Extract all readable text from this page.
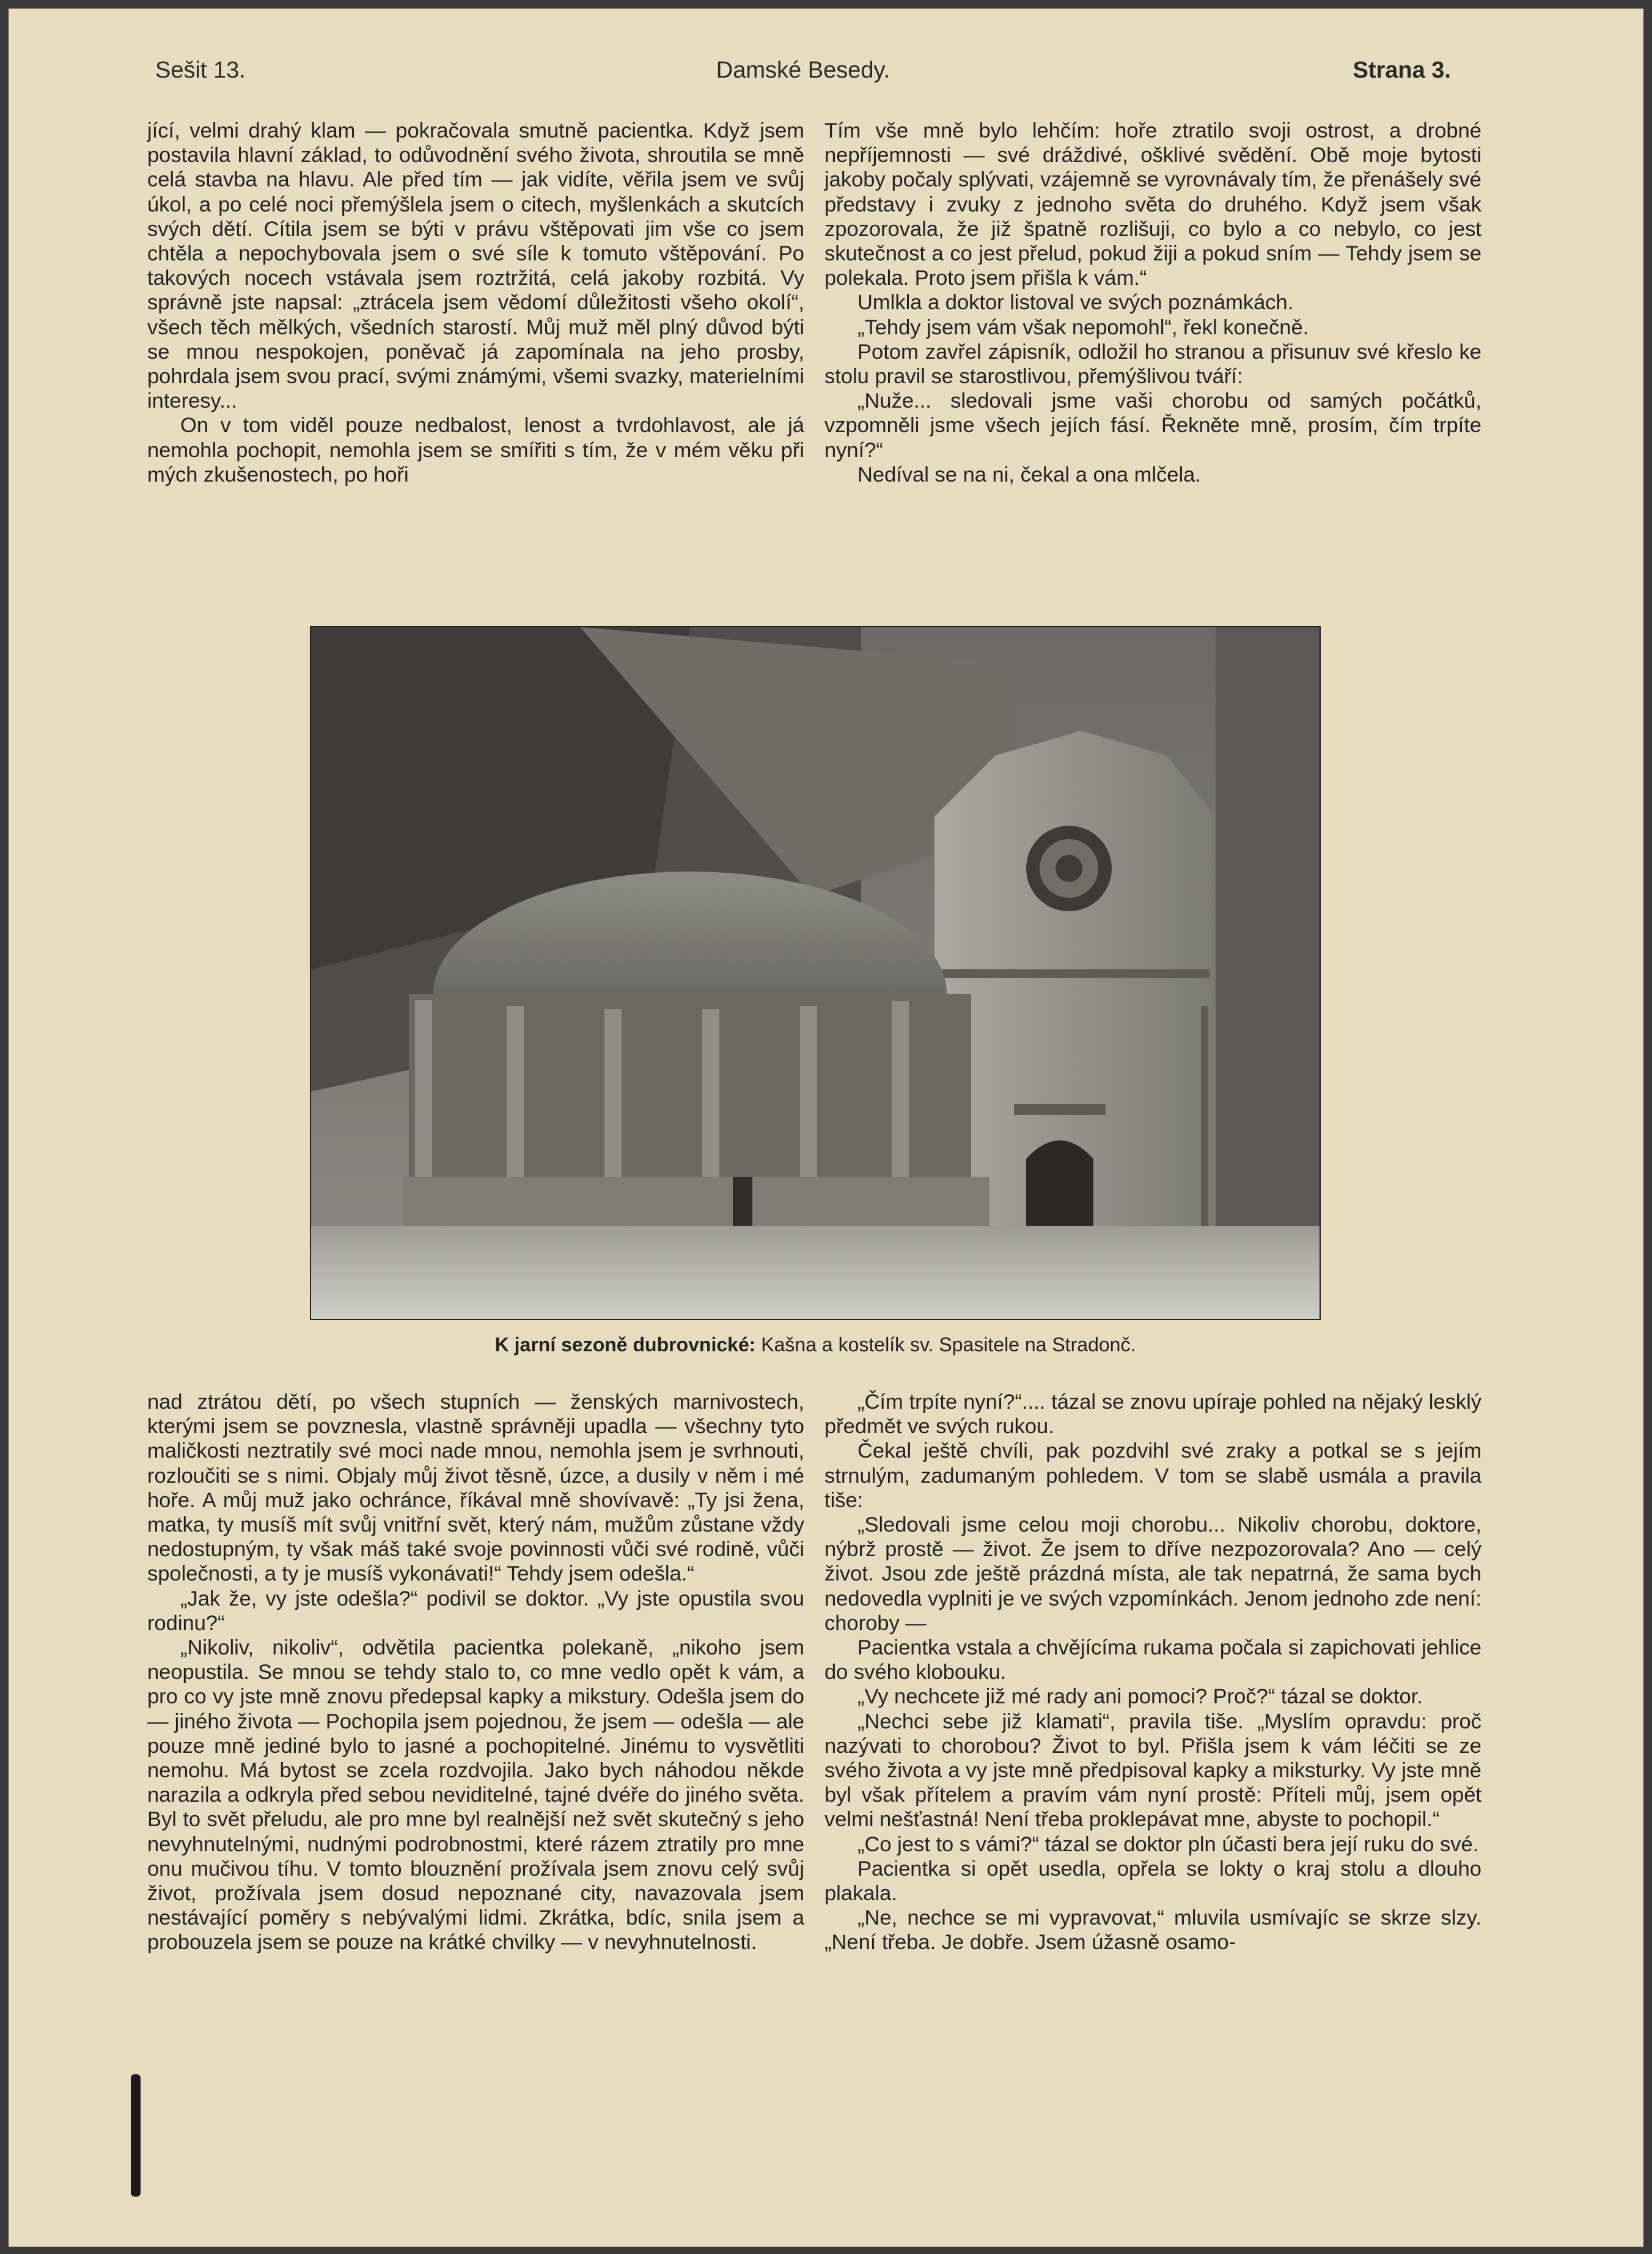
Sešit 13.	Damské Besedy.	Strana 3.

jící, velmi drahý klam — pokračovala smutně pacientka. Když jsem postavila hlavní základ, to odůvodnění svého života, shroutila se mně celá stavba na hlavu. Ale před tím — jak vidíte, věřila jsem ve svůj úkol, a po celé noci přemýšlela jsem o citech, myšlenkách a skutcích svých dětí. Cítila jsem se býti v právu vštěpovati jim vše co jsem chtěla a nepochybovala jsem o své síle k tomuto vštěpování. Po takových nocech vstávala jsem roztržitá, celá jakoby rozbitá. Vy správně jste napsal: „ztrácela jsem vědomí důležitosti všeho okolí“, všech těch mělkých, všedních starostí. Můj muž měl plný důvod býti se mnou nespokojen, poněvač já zapomínala na jeho prosby, pohrdala jsem svou prací, svými známými, všemi svazky, materielními interesy...

On v tom viděl pouze nedbalost, lenost a tvrdohlavost, ale já nemohla pochopit, nemohla jsem se smířiti s tím, že v mém věku při mých zkušenostech, po hoři

Tím vše mně bylo lehčím: hoře ztratilo svoji ostrost, a drobné nepříjemnosti — své dráždivé, ošklivé svědění. Obě moje bytosti jakoby počaly splývati, vzájemně se vyrovnávaly tím, že přenášely své představy i zvuky z jednoho světa do druhého. Když jsem však zpozorovala, že již špatně rozlišuji, co bylo a co nebylo, co jest skutečnost a co jest přelud, pokud žiji a pokud sním — Tehdy jsem se polekala. Proto jsem přišla k vám.“

Umlkla a doktor listoval ve svých poznámkách.

„Tehdy jsem vám však nepomohl“, řekl konečně.

Potom zavřel zápisník, odložil ho stranou a přisunuv své křeslo ke stolu pravil se starostlivou, přemýšlivou tváří:

„Nuže... sledovali jsme vaši chorobu od samých počátků, vzpomněli jsme všech jejích fásí. Řekněte mně, prosím, čím trpíte nyní?“

Nedíval se na ni, čekal a ona mlčela.

K jarní sezoně dubrovnické: Kašna a kostelík sv. Spasitele na Stradonč.

nad ztrátou dětí, po všech stupních — ženských marnivostech, kterými jsem se povznesla, vlastně správněji upadla — všechny tyto maličkosti neztratily své moci nade mnou, nemohla jsem je svrhnouti, rozloučiti se s nimi. Objaly můj život těsně, úzce, a dusily v něm i mé hoře. A můj muž jako ochránce, říkával mně shovívavě: „Ty jsi žena, matka, ty musíš mít svůj vnitřní svět, který nám, mužům zůstane vždy nedostupným, ty však máš také svoje povinnosti vůči své rodině, vůči společnosti, a ty je musíš vykonávati!“ Tehdy jsem odešla.“

„Jak že, vy jste odešla?“ podivil se doktor. „Vy jste opustila svou rodinu?“

„Nikoliv, nikoliv“, odvětila pacientka polekaně, „nikoho jsem neopustila. Se mnou se tehdy stalo to, co mne vedlo opět k vám, a pro co vy jste mně znovu předepsal kapky a mikstury. Odešla jsem do — jiného života — Pochopila jsem pojednou, že jsem — odešla — ale pouze mně jediné bylo to jasné a pochopitelné. Jinému to vysvětliti nemohu. Má bytost se zcela rozdvojila. Jako bych náhodou někde narazila a odkryla před sebou neviditelné, tajné dvéře do jiného světa. Byl to svět přeludu, ale pro mne byl realnější než svět skutečný s jeho nevyhnutelnými, nudnými podrobnostmi, které rázem ztratily pro mne onu mučivou tíhu. V tomto blouznění prožívala jsem znovu celý svůj život, prožívala jsem dosud nepoznané city, navazovala jsem nestávající poměry s nebývalými lidmi. Zkrátka, bdíc, snila jsem a probouzela jsem se pouze na krátké chvilky — v nevyhnutelnosti.

„Čím trpíte nyní?“.... tázal se znovu upíraje pohled na nějaký lesklý předmět ve svých rukou.

Čekal ještě chvíli, pak pozdvihl své zraky a potkal se s jejím strnulým, zadumaným pohledem. V tom se slabě usmála a pravila tiše:

„Sledovali jsme celou moji chorobu... Nikoliv chorobu, doktore, nýbrž prostě — život. Že jsem to dříve nezpozorovala? Ano — celý život. Jsou zde ještě prázdná místa, ale tak nepatrná, že sama bych nedovedla vyplniti je ve svých vzpomínkách. Jenom jednoho zde není: choroby —

Pacientka vstala a chvějícíma rukama počala si zapichovati jehlice do svého klobouku.

„Vy nechcete již mé rady ani pomoci? Proč?“ tázal se doktor.

„Nechci sebe již klamati“, pravila tiše. „Myslím opravdu: proč nazývati to chorobou? Život to byl. Přišla jsem k vám léčiti se ze svého života a vy jste mně předpisoval kapky a miksturky. Vy jste mně byl však přítelem a pravím vám nyní prostě: Příteli můj, jsem opět velmi nešťastná! Není třeba proklepávat mne, abyste to pochopil.“

„Co jest to s vámi?“ tázal se doktor pln účasti bera její ruku do své.

Pacientka si opět usedla, opřela se lokty o kraj stolu a dlouho plakala.

„Ne, nechce se mi vypravovat,“ mluvila usmívajíc se skrze slzy. „Není třeba. Je dobře. Jsem úžasně osamo-
